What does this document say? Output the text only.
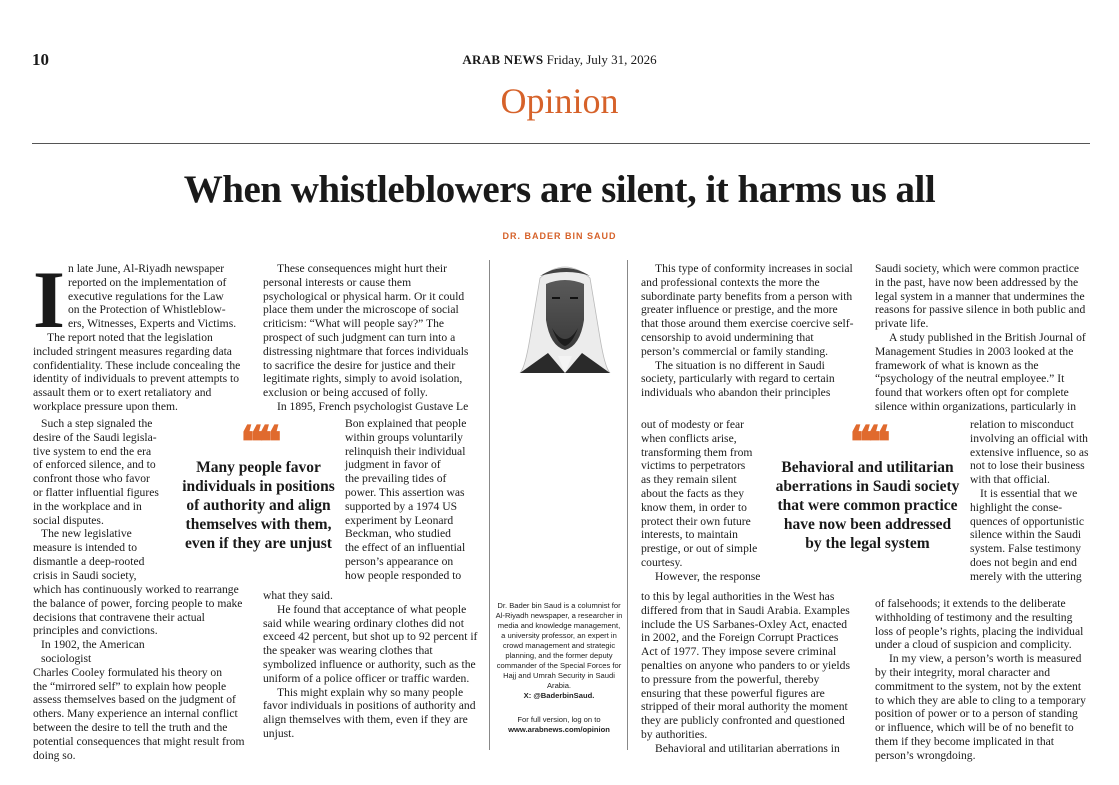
10	ARAB NEWS Friday, July 31, 2026
Opinion
When whistleblowers are silent, it harms us all
DR. BADER BIN SAUD
I n late June, Al-Riyadh newspaper
reported on the implementation of
executive regulations for the Law
on the Protection of Whistleblow-
ers, Witnesses, Experts and Victims.

The report noted that the legislation included stringent measures regarding data confidentiality. These include concealing the identity of individuals to prevent attempts to assault them or to exert retaliatory and workplace pressure upon them.

Such a step signaled the
desire of the Saudi legisla-
tive system to end the era
of enforced silence, and to
confront those who favor
or flatter influential figures
in the workplace and in
social disputes.
The new legislative
measure is intended to
dismantle a deep-rooted
crisis in Saudi society,

which has continuously worked to rearrange the balance of power, forcing people to make decisions that contravene their actual principles and convictions.

In 1902, the American sociologist
Charles Cooley formulated his theory on

the “mirrored self” to explain how people assess themselves based on the judgment of others. Many experience an internal conflict between the desire to tell the truth and the potential consequences that might result from doing so.

❝❝
Many people favor individuals in positions of authority and align themselves with them, even if they are unjust

These consequences might hurt their personal interests or cause them psychological or physical harm. Or it could place them under the microscope of social criticism: “What will people say?” The prospect of such judgment can turn into a distressing nightmare that forces individuals to sacrifice the desire for justice and their legitimate rights, simply to avoid isolation, exclusion or being accused of folly.

In 1895, French psychologist Gustave Le

Bon explained that people
within groups voluntarily
relinquish their individual
judgment in favor of
the prevailing tides of
power. This assertion was
supported by a 1974 US
experiment by Leonard
Beckman, who studied
the effect of an influential
person’s appearance on
how people responded to

what they said.

He found that acceptance of what people said while wearing ordinary clothes did not exceed 42 percent, but shot up to 92 percent if the speaker was wearing clothes that symbolized influence or authority, such as the uniform of a police officer or traffic warden.

This might explain why so many people favor individuals in positions of authority and align themselves with them, even if they are unjust.

Dr. Bader bin Saud is a columnist for Al-Riyadh newspaper, a researcher in media and knowledge management, a university professor, an expert in crowd management and strategic planning, and the former deputy commander of the Special Forces for Hajj and Umrah Security in Saudi Arabia.
X: @BaderbinSaud.
For full version, log on to
www.arabnews.com/opinion

This type of conformity increases in social and professional contexts the more the subordinate party benefits from a person with greater influence or prestige, and the more that those around them exercise coercive self-censorship to avoid undermining that person’s commercial or family standing.

The situation is no different in Saudi
society, particularly with regard to certain
individuals who abandon their principles
out of modesty or fear
when conflicts arise,
transforming them from
victims to perpetrators
as they remain silent
about the facts as they
know them, in order to
protect their own future
interests, to maintain
prestige, or out of simple
courtesy.
However, the response

to this by legal authorities in the West has differed from that in Saudi Arabia. Examples include the US Sarbanes-Oxley Act, enacted in 2002, and the Foreign Corrupt Practices Act of 1977. They impose severe criminal penalties on anyone who panders to or yields to pressure from the powerful, thereby ensuring that these powerful figures are stripped of their moral authority the moment they are publicly confronted and questioned by authorities.

Behavioral and utilitarian aberrations in

❝❝
Behavioral and utilitarian aberrations in Saudi society that were common practice have now been addressed by the legal system

Saudi society, which were common practice in the past, have now been addressed by the legal system in a manner that undermines the reasons for passive silence in both public and private life.

A study published in the British Journal of Management Studies in 2003 looked at the framework of what is known as the “psychology of the neutral employee.” It found that workers often opt for complete silence within organizations, particularly in

relation to misconduct
involving an official with
extensive influence, so as
not to lose their business
with that official.
It is essential that we
highlight the conse-
quences of opportunistic
silence within the Saudi
system. False testimony
does not begin and end
merely with the uttering

of falsehoods; it extends to the deliberate withholding of testimony and the resulting loss of people’s rights, placing the individual under a cloud of suspicion and complicity.

In my view, a person’s worth is measured by their integrity, moral character and commitment to the system, not by the extent to which they are able to cling to a temporary position of power or to a person of standing or influence, which will be of no benefit to them if they become implicated in that person’s wrongdoing.
